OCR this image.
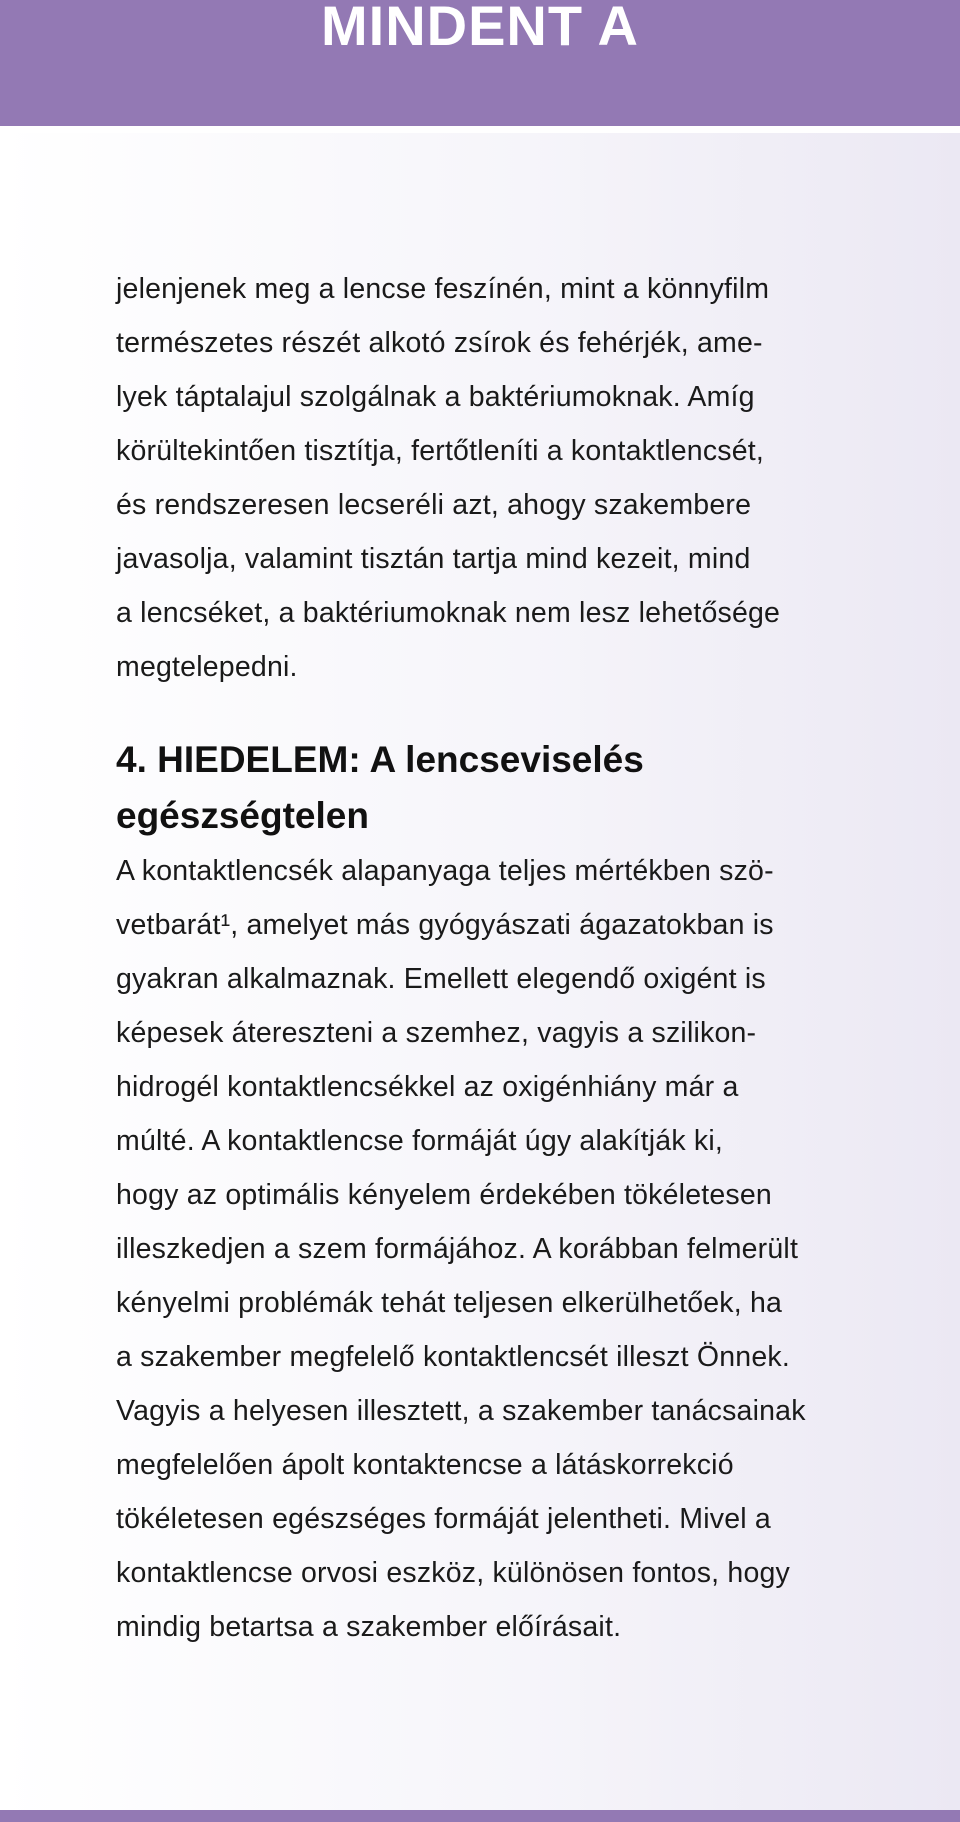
MINDENT A

jelenjenek meg a lencse feszínén, mint a könnyfilm
természetes részét alkotó zsírok és fehérjék, ame-
lyek táptalajul szolgálnak a baktériumoknak. Amíg
körültekintően tisztítja, fertőtleníti a kontaktlencsét,
és rendszeresen lecseréli azt, ahogy szakembere
javasolja, valamint tisztán tartja mind kezeit, mind
a lencséket, a baktériumoknak nem lesz lehetősége
megtelepedni.

4. HIEDELEM: A lencseviselés
egészségtelen

A kontaktlencsék alapanyaga teljes mértékben szö-
vetbarát¹, amelyet más gyógyászati ágazatokban is
gyakran alkalmaznak. Emellett elegendő oxigént is
képesek átereszteni a szemhez, vagyis a szilikon-
hidrogél kontaktlencsékkel az oxigénhiány már a
múlté. A kontaktlencse formáját úgy alakítják ki,
hogy az optimális kényelem érdekében tökéletesen
illeszkedjen a szem formájához. A korábban felmerült
kényelmi problémák tehát teljesen elkerülhetőek, ha
a szakember megfelelő kontaktlencsét illeszt Önnek.
Vagyis a helyesen illesztett, a szakember tanácsainak
megfelelően ápolt kontaktencse a látáskorrekció
tökéletesen egészséges formáját jelentheti. Mivel a
kontaktlencse orvosi eszköz, különösen fontos, hogy
mindig betartsa a szakember előírásait.
